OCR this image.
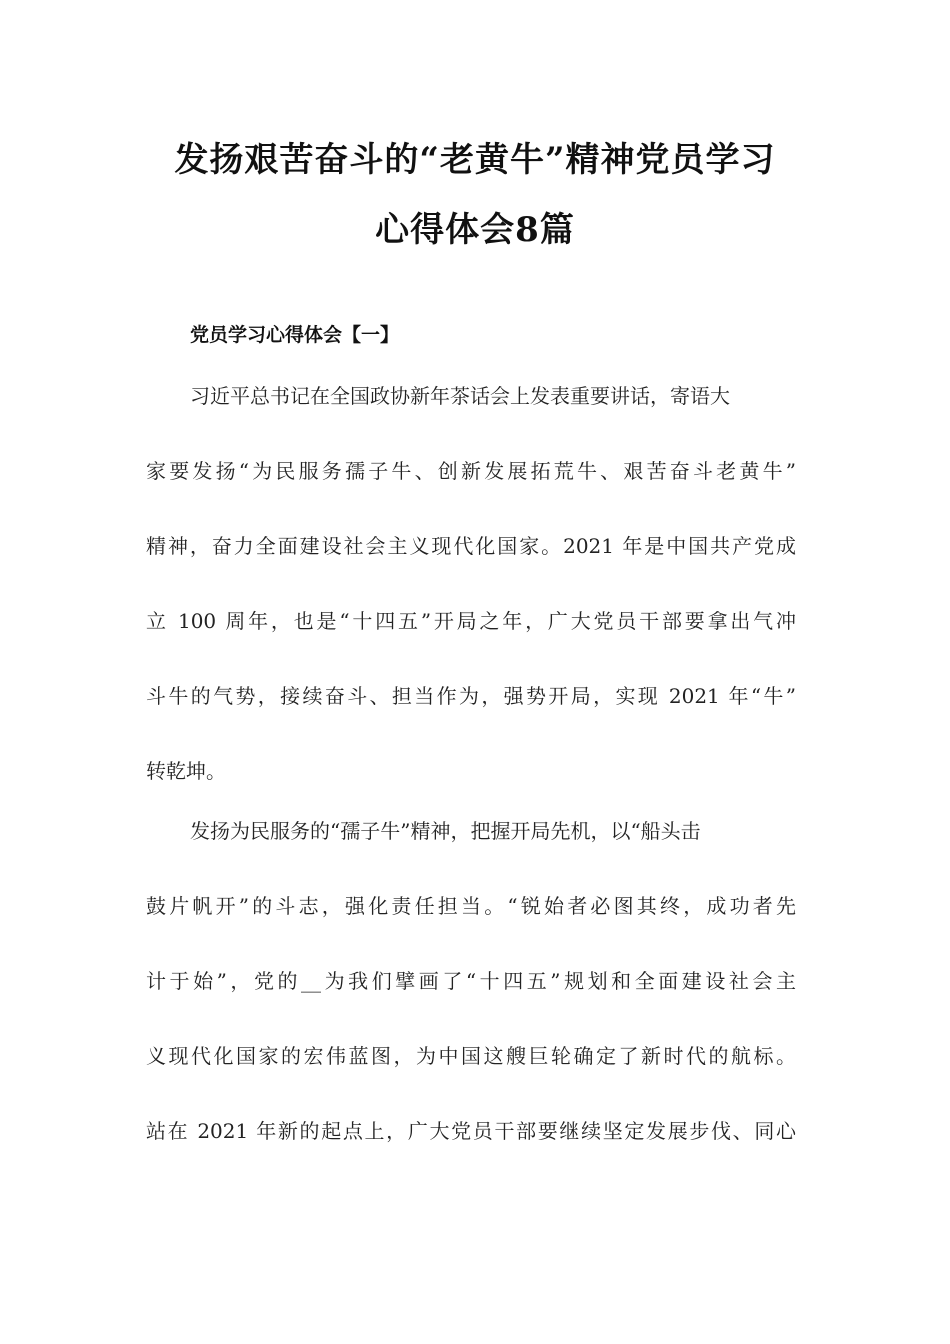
发扬艰苦奋斗的“老黄牛”精神党员学习
心得体会8篇
党员学习心得体会【一】
习近平总书记在全国政协新年茶话会上发表重要讲话，寄语大
家要发扬“为民服务孺子牛、创新发展拓荒牛、艰苦奋斗老黄牛”
精神，奋力全面建设社会主义现代化国家。2021 年是中国共产党成
立 100 周年，也是“十四五”开局之年，广大党员干部要拿出气冲
斗牛的气势，接续奋斗、担当作为，强势开局，实现 2021 年“牛”
转乾坤。
发扬为民服务的“孺子牛”精神，把握开局先机，以“船头击
鼓片帆开”的斗志，强化责任担当。“锐始者必图其终，成功者先
计于始”，党的__为我们擘画了“十四五”规划和全面建设社会主
义现代化国家的宏伟蓝图，为中国这艘巨轮确定了新时代的航标。
站在 2021 年新的起点上，广大党员干部要继续坚定发展步伐、同心
